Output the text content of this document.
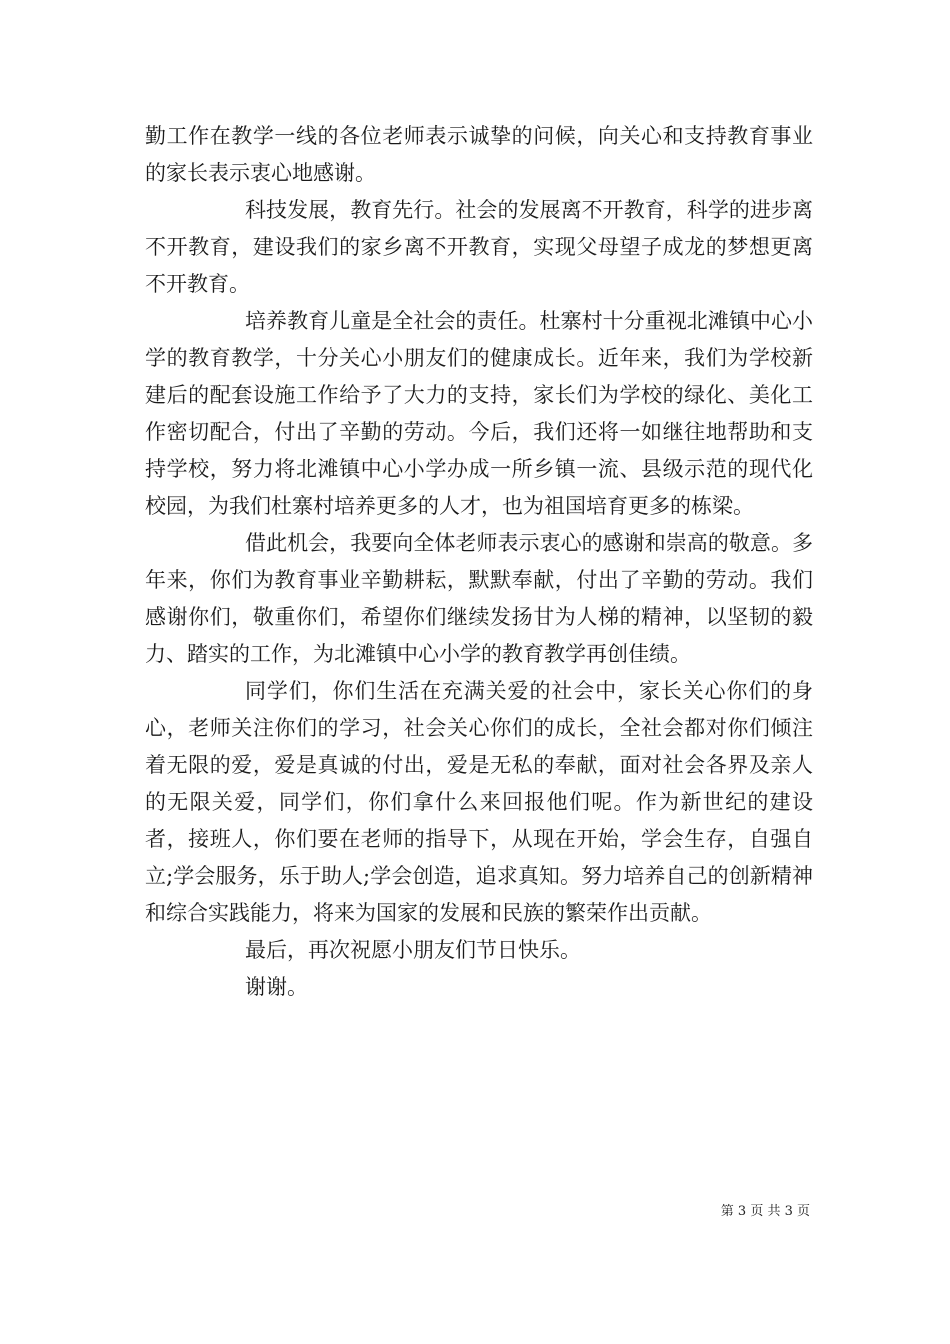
勤工作在教学一线的各位老师表示诚挚的问候，向关心和支持教育事业的家长表示衷心地感谢。

科技发展，教育先行。社会的发展离不开教育，科学的进步离不开教育，建设我们的家乡离不开教育，实现父母望子成龙的梦想更离不开教育。

培养教育儿童是全社会的责任。杜寨村十分重视北滩镇中心小学的教育教学，十分关心小朋友们的健康成长。近年来，我们为学校新建后的配套设施工作给予了大力的支持，家长们为学校的绿化、美化工作密切配合，付出了辛勤的劳动。今后，我们还将一如继往地帮助和支持学校，努力将北滩镇中心小学办成一所乡镇一流、县级示范的现代化校园，为我们杜寨村培养更多的人才，也为祖国培育更多的栋梁。

借此机会，我要向全体老师表示衷心的感谢和崇高的敬意。多年来，你们为教育事业辛勤耕耘，默默奉献，付出了辛勤的劳动。我们感谢你们，敬重你们，希望你们继续发扬甘为人梯的精神，以坚韧的毅力、踏实的工作，为北滩镇中心小学的教育教学再创佳绩。

同学们，你们生活在充满关爱的社会中，家长关心你们的身心，老师关注你们的学习，社会关心你们的成长，全社会都对你们倾注着无限的爱，爱是真诚的付出，爱是无私的奉献，面对社会各界及亲人的无限关爱，同学们，你们拿什么来回报他们呢。作为新世纪的建设者，接班人，你们要在老师的指导下，从现在开始，学会生存，自强自立;学会服务，乐于助人;学会创造，追求真知。努力培养自己的创新精神和综合实践能力，将来为国家的发展和民族的繁荣作出贡献。

最后，再次祝愿小朋友们节日快乐。

谢谢。

第 3 页 共 3 页
